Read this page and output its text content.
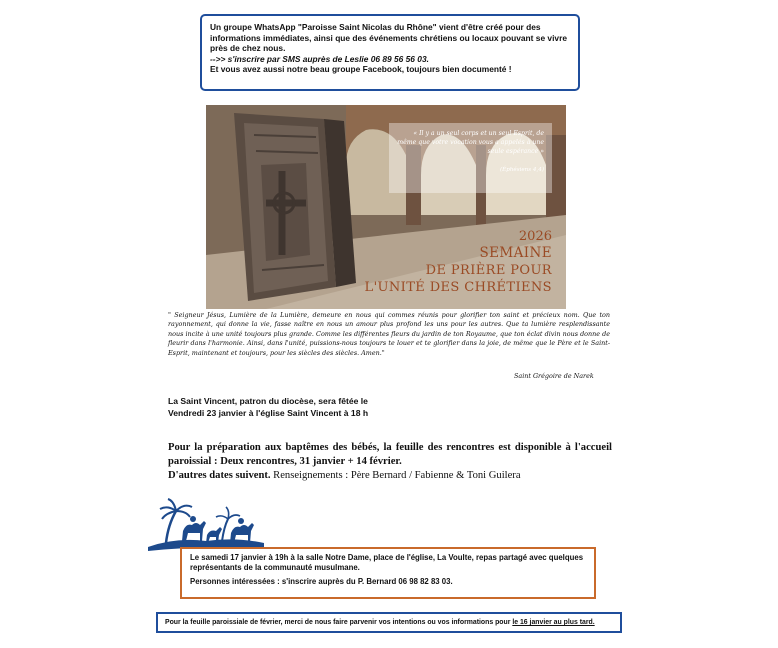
Un groupe WhatsApp "Paroisse Saint Nicolas du Rhône" vient d'être créé pour des informations immédiates, ainsi que des événements chrétiens ou locaux pouvant se vivre près de chez nous.
-->> s'inscrire par SMS auprès de Leslie 06 89 56 56 03.
Et vous avez aussi notre beau groupe Facebook, toujours bien documenté !
« Il y a un seul corps et un seul Esprit, de même que votre vocation vous a appelés à une seule espérance »
(Éphésiens 4,4)
2026
SEMAINE
DE PRIÈRE POUR
L'UNITÉ DES CHRÉTIENS
" Seigneur Jésus, Lumière de la Lumière, demeure en nous qui commes réunis pour glorifier ton saint et précieux nom. Que ton rayonnement, qui donne la vie, fasse naître en nous un amour plus profond les uns pour les autres. Que ta lumière resplendissante nous incite à une unité toujours plus grande. Comme les différentes fleurs du jardin de ton Royaume, que ton éclat divin nous donne de fleurir dans l'harmonie. Ainsi, dans l'unité, puissions-nous toujours te louer et te glorifier dans la joie, de même que le Père et le Saint-Esprit, maintenant et toujours, pour les siècles des siècles. Amen."
Saint Grégoire de Narek
La Saint Vincent, patron du diocèse, sera fêtée le
Vendredi 23 janvier à l'église Saint Vincent à 18 h
Pour la préparation aux baptêmes des bébés, la feuille des rencontres est disponible à l'accueil paroissial : Deux rencontres, 31 janvier + 14 février.
D'autres dates suivent. Renseignements : Père Bernard / Fabienne & Toni Guilera
Le samedi 17 janvier à 19h à la salle Notre Dame, place de l'église, La Voulte, repas partagé avec quelques représentants de la communauté musulmane.
Personnes intéressées : s'inscrire auprès du P. Bernard 06 98 82 83 03.
Pour la feuille paroissiale de février, merci de nous faire parvenir vos intentions ou vos informations pour le 16 janvier au plus tard.
